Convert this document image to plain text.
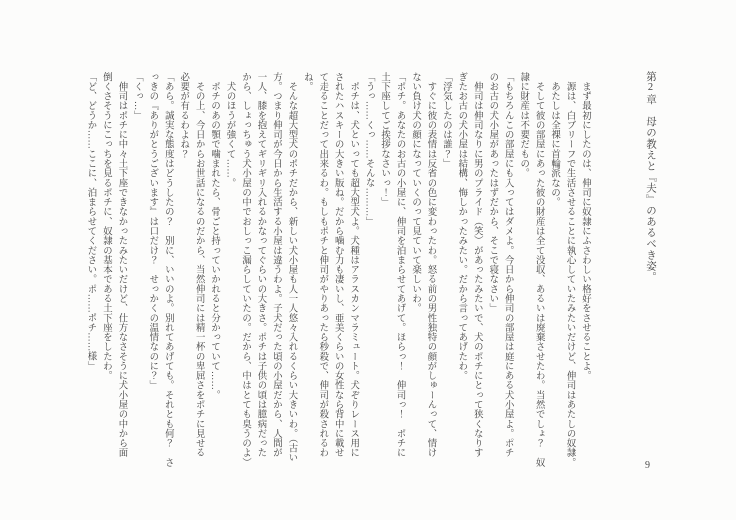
第2章　母の教えと『夫』のあるべき姿。

　まず最初にしたのは、伸司に奴隷にふさわしい格好をさせることよ。

　源は、白ブリーフで生活させることに執心していたみたいだけど、伸司はあたしの奴隷。

　あたしは全裸に首輪派なの。

　そして彼の部屋にあった彼の財産は全て没収、あるいは廃棄させたわ。当然でしょ？　奴

隷に財産は不要だもの。

「もちろんこの部屋にも入ってはダメよ。今日から伸司の部屋は庭にある犬小屋よ。ポチ

のお古の犬小屋があったはずだから、そこで寝なさい」

　伸司は伸司なりに男のプライド（笑）があったみたいで、犬のポチにとって狭くなりす

ぎたお古の犬小屋は結構、悔しかったみたい。だから言ってあげたわ。

「浮気したのは誰？」

　すぐに彼の表情は反省の色に変わったわ。怒る前の男性独特の顔がしゅーんって、情け

ない負け犬の顔になっていくのって見ていて楽しいわ。

「ポチ。あなたのお古の小屋に、伸司を泊まらせてあげて。ほらっ！　伸司っ！　ポチに

土下座してご挨拶なさいっ！」

「うっ……くっ……そんな………」

　ポチは、犬といっても超大型犬よ。犬種はアラスカンマラミュート。犬ぞりレース用に

されたハスキーの大きい版ね。だから噛む力も凄いし、亜美くらいの女性なら背中に載せ

て走ることだって出来るわ。もしもポチと伸司がやりあったら秒殺で、伸司が殺されるわ

ね。

　そんな超大型犬のポチだから、新しい犬小屋も人一人悠々入れるくらい大きいわ。（古い

方。つまり伸司が今日から生活する小屋は違うわよ。子犬だった頃の小屋だから、人間が

一人、膝を抱えてギリギリ入れるかなってぐらいの大きさ。ポチは子供の頃は臆病だった

から、しょっちゅう犬小屋の中でおしっこ漏らしていたの。だから、中はとても臭うのよ）

　犬のほうが強くて……。

　ポチのあの顎で噛まれたら、骨ごと持っていかれると分かっていて……。

　その上、今日からお世話になるのだから、当然伸司には精一杯の卑屈さをポチに見せる

必要が有るわよね？

「あら。誠実な態度はどうしたの？　別に、いいのよ。別れてあげても。それとも何？　さ

っきの『ありがとうございます』は口だけ？　せっかくの温情なのに？」

「くっ…」

　伸司はポチに中々土下座できなかったみたいだけど、仕方なさそうに犬小屋の中から面

倒くさそうにこっちを見るポチに、奴隷の基本である土下座をしたわ。

「ど、どうか……ここに、泊まらせてください。ポ……ポチ……様」

9
